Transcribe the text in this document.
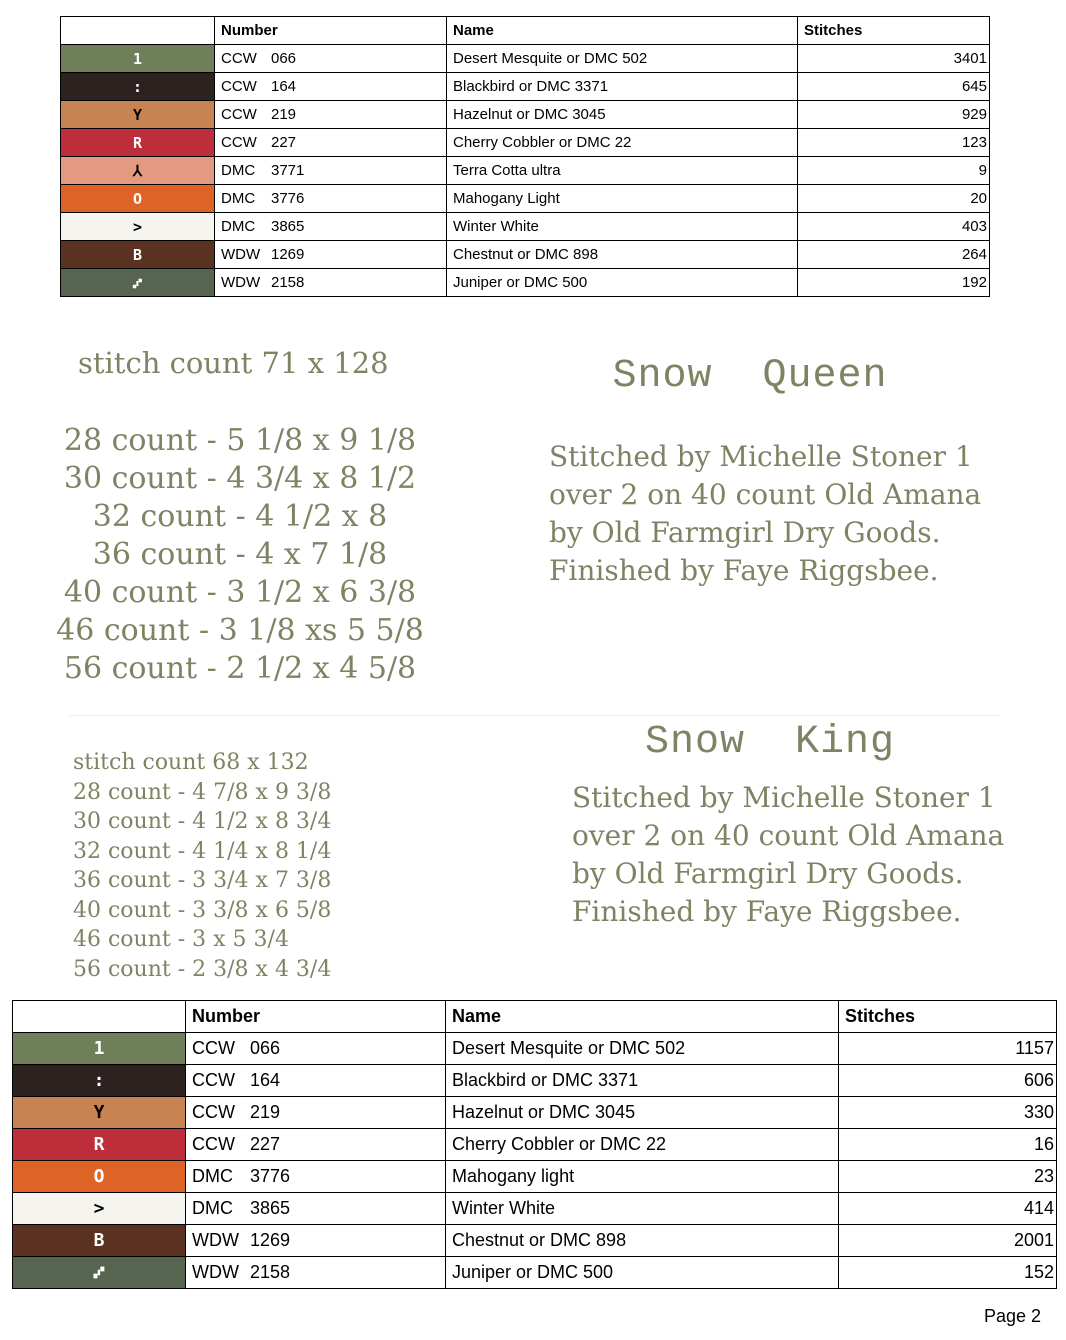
	Number	Name	Stitches
1	CCW 066	Desert Mesquite or DMC 502	3401
:	CCW 164	Blackbird or DMC 3371	645
Y	CCW 219	Hazelnut or DMC 3045	929
R	CCW 227	Cherry Cobbler or DMC 22	123
⅄	DMC 3771	Terra Cotta ultra	9
O	DMC 3776	Mahogany Light	20
>	DMC 3865	Winter White	403
B	WDW 1269	Chestnut or DMC 898	264
⑇	WDW 2158	Juniper or DMC 500	192
stitch count 71 x 128
28 count - 5 1/8 x 9 1/8
30 count - 4 3/4 x 8 1/2
32 count - 4 1/2 x 8
36 count - 4 x 7 1/8
40 count - 3 1/2 x 6 3/8
46 count - 3 1/8 xs 5 5/8
56 count - 2 1/2 x 4 5/8
Snow  Queen
Stitched by Michelle Stoner 1 over 2 on 40 count Old Amana by Old Farmgirl Dry Goods. Finished by Faye Riggsbee.
stitch count 68 x 132
28 count - 4 7/8 x 9 3/8
30 count - 4 1/2 x 8 3/4
32 count - 4 1/4 x 8 1/4
36 count - 3 3/4 x 7 3/8
40 count - 3 3/8 x 6 5/8
46 count - 3 x 5 3/4
56 count - 2 3/8 x 4 3/4
Snow  King
Stitched by Michelle Stoner 1 over 2 on 40 count Old Amana by Old Farmgirl Dry Goods. Finished by Faye Riggsbee.
	Number	Name	Stitches
1	CCW 066	Desert Mesquite or DMC 502	1157
:	CCW 164	Blackbird or DMC 3371	606
Y	CCW 219	Hazelnut or DMC 3045	330
R	CCW 227	Cherry Cobbler or DMC 22	16
O	DMC 3776	Mahogany light	23
>	DMC 3865	Winter White	414
B	WDW 1269	Chestnut or DMC 898	2001
⑇	WDW 2158	Juniper or DMC 500	152
Page 2
